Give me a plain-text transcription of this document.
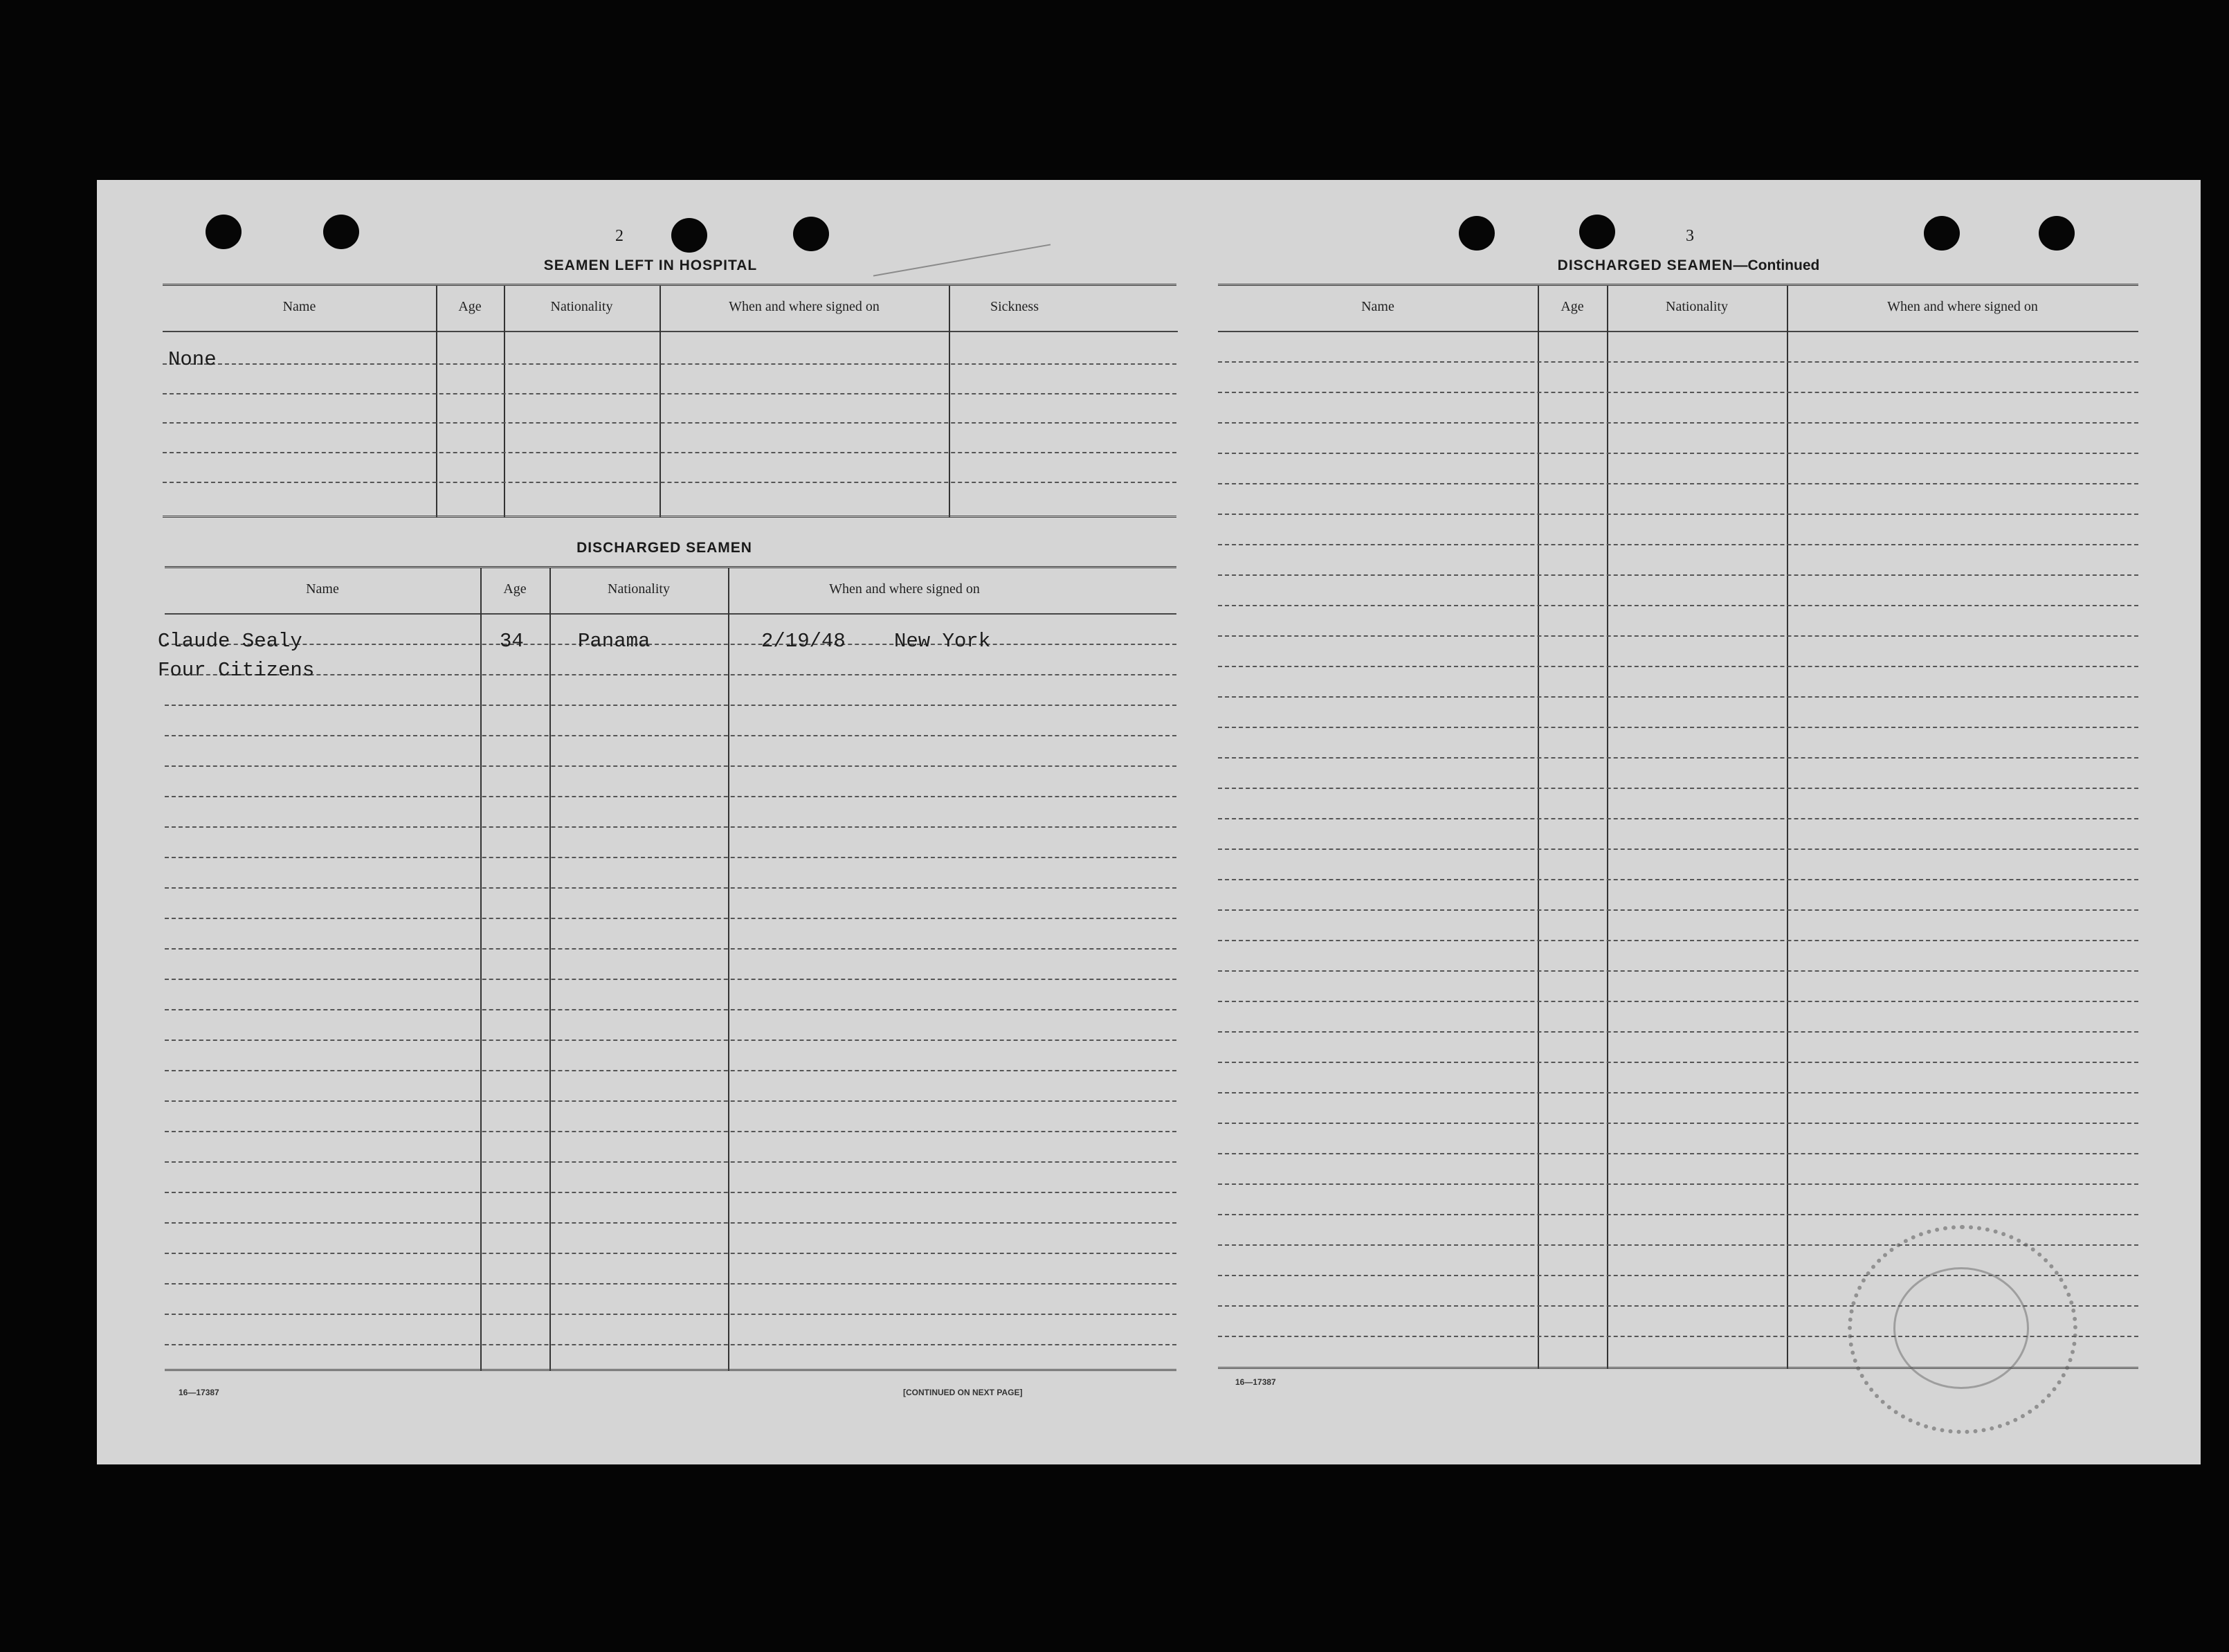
2
SEAMEN LEFT IN HOSPITAL
Name	Age	Nationality	When and where signed on	Sickness
None
DISCHARGED SEAMEN
Name	Age	Nationality	When and where signed on
Claude Sealy	34	Panama	2/19/48 New York
Four Citizens
16—17387	[CONTINUED ON NEXT PAGE]
3
DISCHARGED SEAMEN—Continued
Name	Age	Nationality	When and where signed on
16—17387
